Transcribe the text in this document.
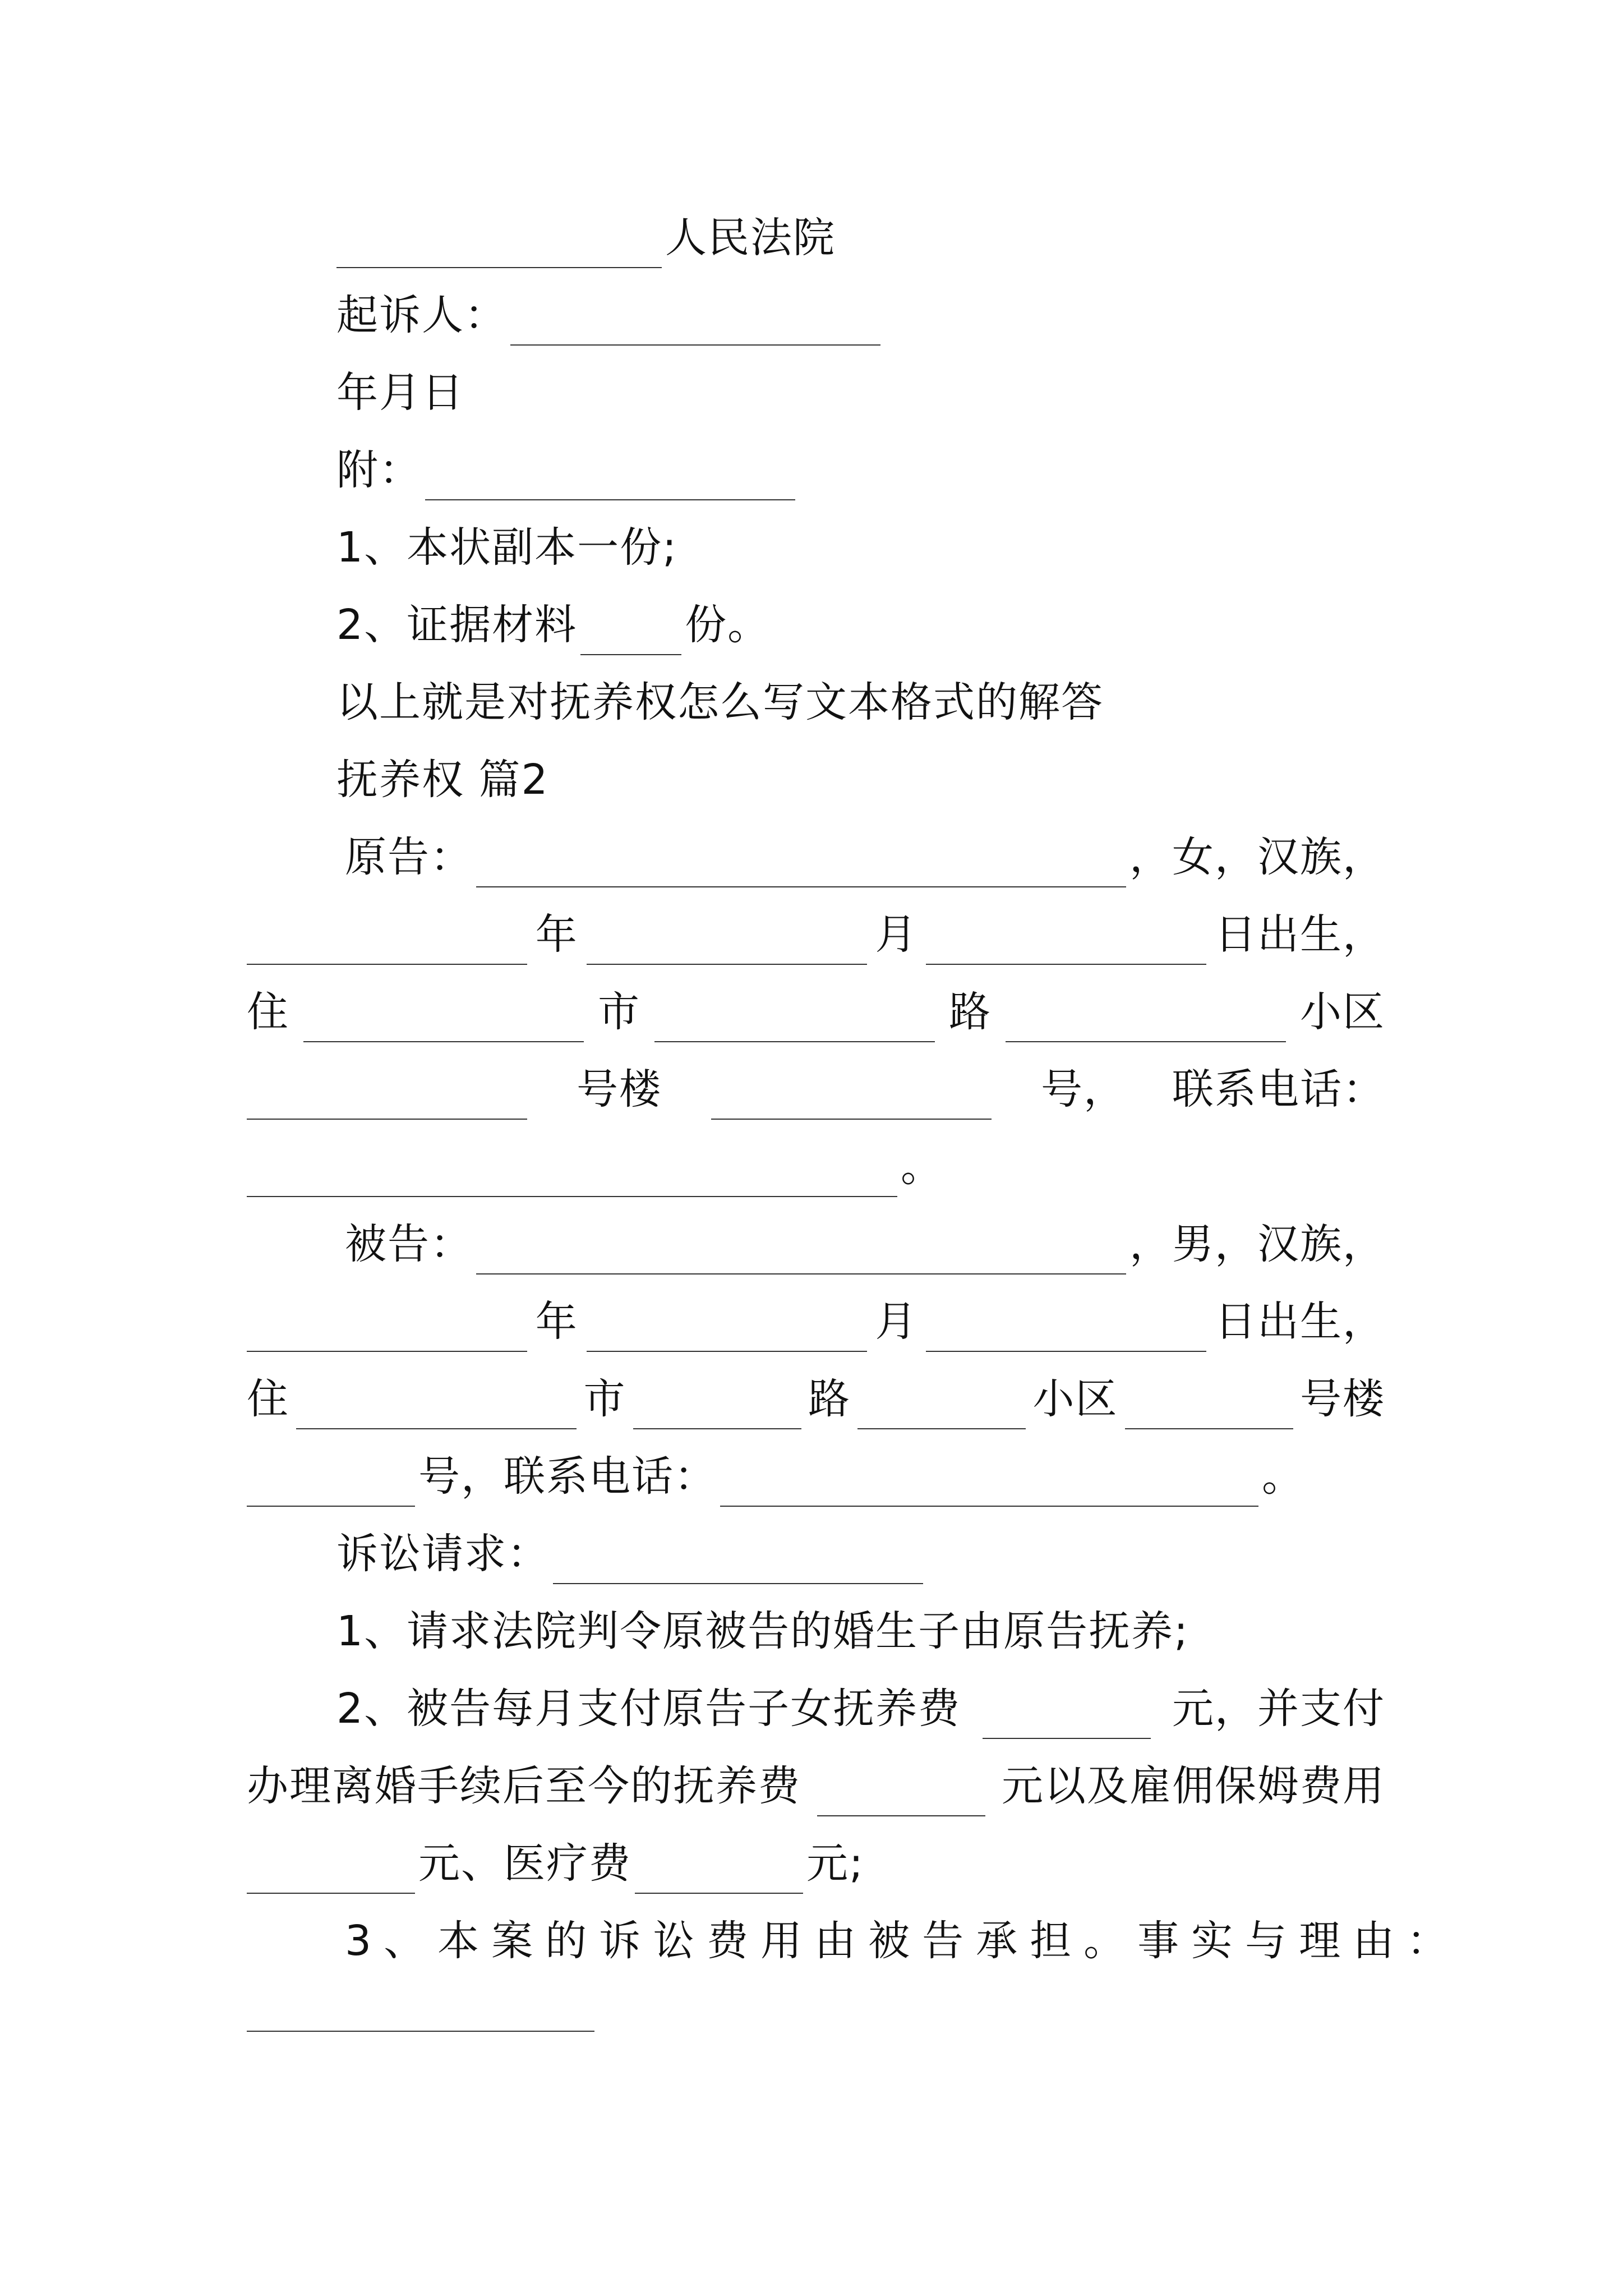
人民法院
起诉人：
年月日
附：
1、本状副本一份;
2、证据材料	份。
以上就是对抚养权怎么写文本格式的解答
抚养权 篇2
原告：	，女，汉族，
年	月	日出生，
住	市	路	小区
号楼	号， 联系电话：
。
被告：	，男，汉族，
年	月	日出生，
住	市	路	小区	号楼
号，联系电话：	。
诉讼请求：
1、请求法院判令原被告的婚生子由原告抚养;
2、被告每月支付原告子女抚养费	元，并支付
办理离婚手续后至今的抚养费	元以及雇佣保姆费用
元、医疗费	元;
3、本案的诉讼费用由被告承担。事实与理由：
